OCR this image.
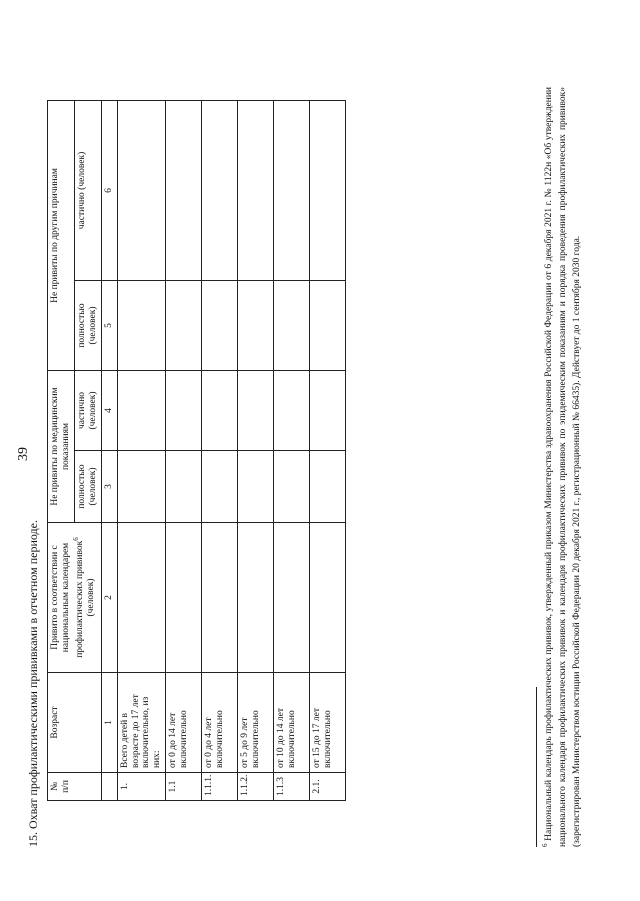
39
15. Охват профилактическими прививками в отчетном периоде. № п/п	Возраст	Привито в соответствии с национальным календарем профилактических прививок$^6$
(человек)	Не привиты по медицинским показаниям		Не привиты по другим причинам	
			полностью (человек)	частично (человек)	полностью (человек)	частично (человек)
	1	2	3	4	5	6
1.	Всего детей в возрасте до 17 лет включительно, из них:					
1.1	от 0 до 14 лет включительно					
1.1.1.	от 0 до 4 лет включительно					
1.1.2.	от 5 до 9 лет включительно					
1.1.3	от 10 до 14 лет включительно					
2.1.	от 15 до 17 лет включительно					
$^6$ Национальный календарь профилактических прививок, утвержденный приказом Министерства здравоохранения Российской Федерации от 6 декабря 2021 г. № 1122н «Об утверждении национального календаря профилактических прививок и календаря профилактических прививок по эпидемическим показаниям и порядка проведения профилактических прививок» (зарегистрирован Министерством юстиции Российской Федерации 20 декабря 2021 г., регистрационный № 66435). Действует до 1 сентября 2030 года.
